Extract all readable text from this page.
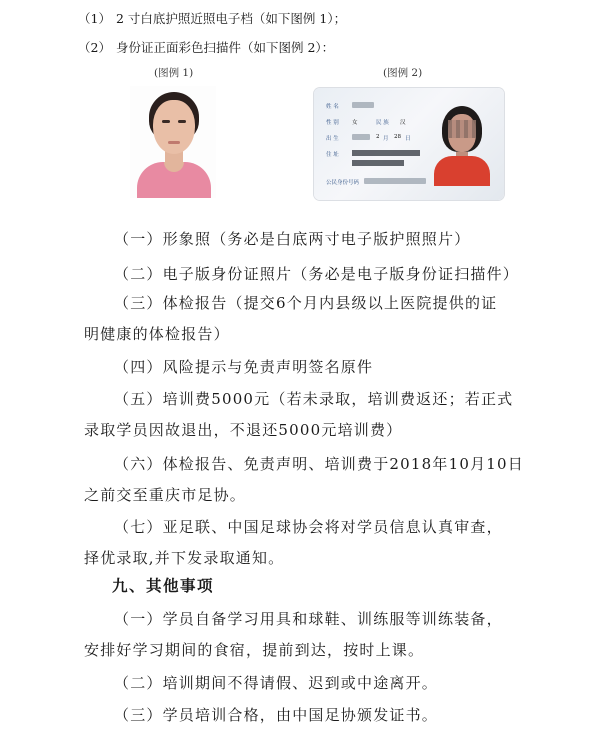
（1） 2 寸白底护照近照电子档（如下图例 1）；
（2） 身份证正面彩色扫描件（如下图例 2）：
(图例 1)	(图例 2)
姓 名
性 别 女	民 族 汉
出 生	2 月 28 日
住 址
公民身份号码
（一）形象照（务必是白底两寸电子版护照照片）
（二）电子版身份证照片（务必是电子版身份证扫描件）
（三）体检报告（提交6个月内县级以上医院提供的证
明健康的体检报告）
（四）风险提示与免责声明签名原件
（五）培训费5000元（若未录取，培训费返还；若正式
录取学员因故退出，不退还5000元培训费）
（六）体检报告、免责声明、培训费于2018年10月10日
之前交至重庆市足协。
（七）亚足联、中国足球协会将对学员信息认真审查，
择优录取,并下发录取通知。
九、其他事项
（一）学员自备学习用具和球鞋、训练服等训练装备，
安排好学习期间的食宿，提前到达，按时上课。
（二）培训期间不得请假、迟到或中途离开。
（三）学员培训合格，由中国足协颁发证书。
